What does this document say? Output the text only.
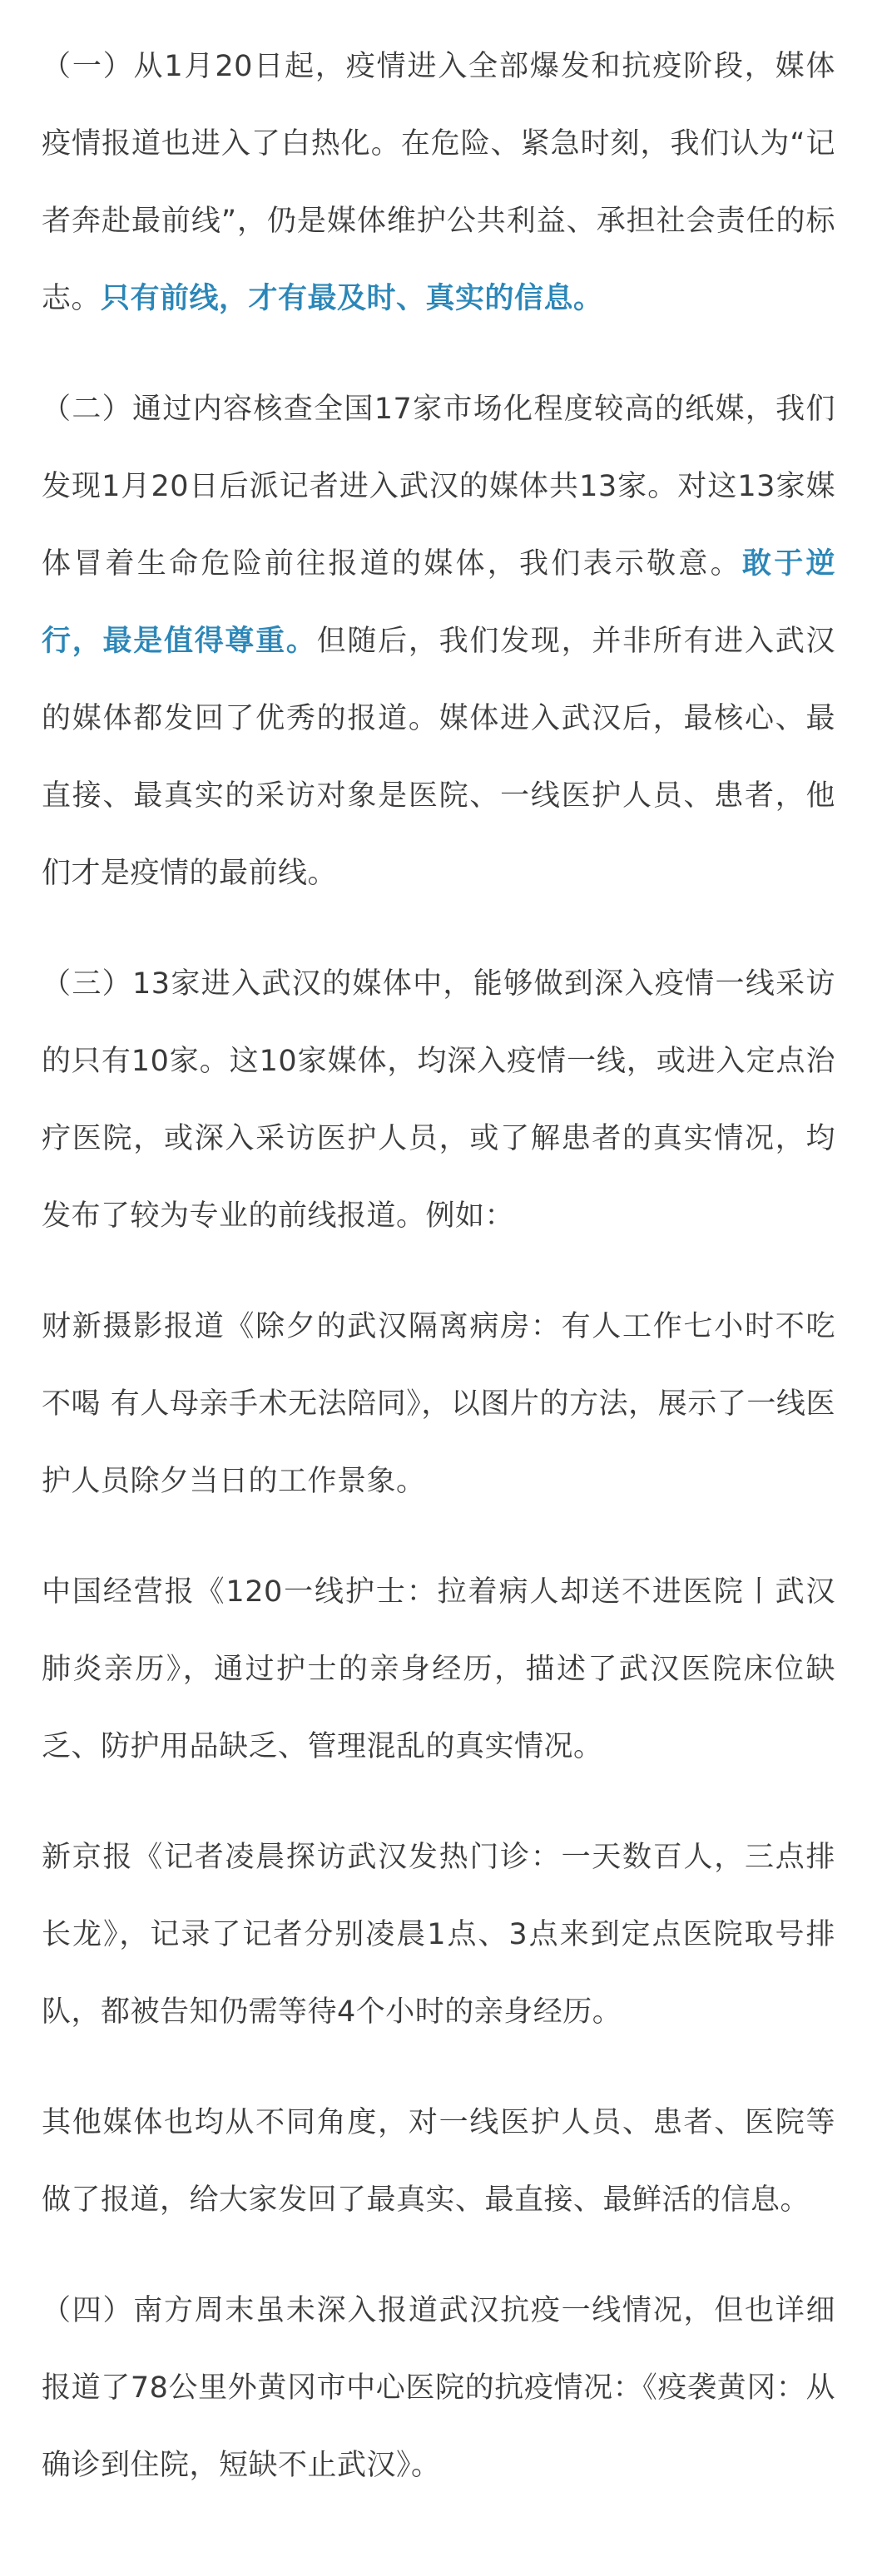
（一）从1月20日起，疫情进入全部爆发和抗疫阶段，媒体疫情报道也进入了白热化。在危险、紧急时刻，我们认为“记者奔赴最前线”，仍是媒体维护公共利益、承担社会责任的标志。只有前线，才有最及时、真实的信息。

（二）通过内容核查全国17家市场化程度较高的纸媒，我们发现1月20日后派记者进入武汉的媒体共13家。对这13家媒体冒着生命危险前往报道的媒体，我们表示敬意。敢于逆行，最是值得尊重。但随后，我们发现，并非所有进入武汉的媒体都发回了优秀的报道。媒体进入武汉后，最核心、最直接、最真实的采访对象是医院、一线医护人员、患者，他们才是疫情的最前线。

（三）13家进入武汉的媒体中，能够做到深入疫情一线采访的只有10家。这10家媒体，均深入疫情一线，或进入定点治疗医院，或深入采访医护人员，或了解患者的真实情况，均发布了较为专业的前线报道。例如：

财新摄影报道《除夕的武汉隔离病房：有人工作七小时不吃不喝 有人母亲手术无法陪同》，以图片的方法，展示了一线医护人员除夕当日的工作景象。

中国经营报《120一线护士：拉着病人却送不进医院丨武汉肺炎亲历》，通过护士的亲身经历，描述了武汉医院床位缺乏、防护用品缺乏、管理混乱的真实情况。

新京报《记者凌晨探访武汉发热门诊：一天数百人，三点排长龙》，记录了记者分别凌晨1点、3点来到定点医院取号排队，都被告知仍需等待4个小时的亲身经历。

其他媒体也均从不同角度，对一线医护人员、患者、医院等做了报道，给大家发回了最真实、最直接、最鲜活的信息。

（四）南方周末虽未深入报道武汉抗疫一线情况，但也详细报道了78公里外黄冈市中心医院的抗疫情况：《疫袭黄冈：从确诊到住院，短缺不止武汉》。
